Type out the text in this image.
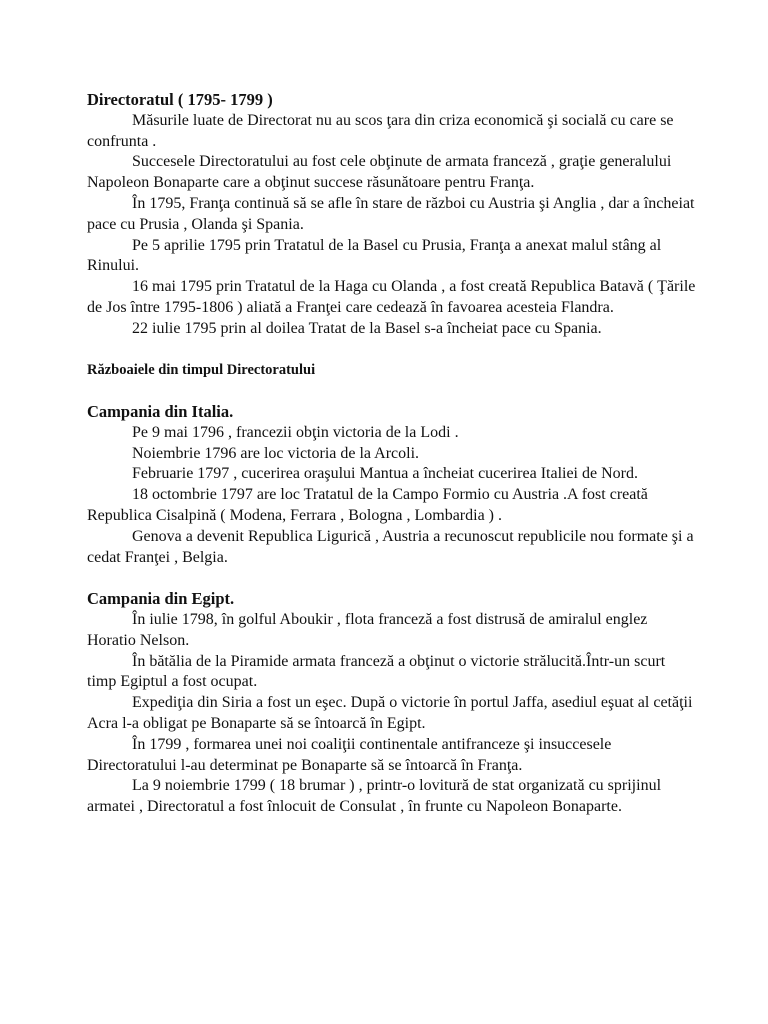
Directoratul ( 1795- 1799 )

Măsurile luate de Directorat nu au scos ţara din criza economică şi socială cu care se confrunta .

Succesele Directoratului au fost cele obţinute de armata franceză , graţie generalului Napoleon Bonaparte care a obţinut succese răsunătoare pentru Franţa.

În 1795, Franţa continuă să se afle în stare de război cu Austria şi Anglia , dar a încheiat pace cu Prusia , Olanda şi Spania.

Pe 5 aprilie 1795 prin Tratatul de la Basel cu Prusia, Franţa a anexat malul stâng al Rinului.

16 mai 1795 prin Tratatul de la Haga cu Olanda , a fost creată Republica Batavă ( Ţările de Jos între 1795-1806 ) aliată a Franţei care cedează în favoarea acesteia Flandra.

22 iulie 1795 prin al doilea Tratat de la Basel s-a încheiat pace cu Spania.

Războaiele din timpul Directoratului

Campania din Italia.

Pe 9 mai 1796 , francezii obţin victoria de la Lodi .

Noiembrie 1796 are loc victoria de la Arcoli.

Februarie 1797 , cucerirea oraşului Mantua a încheiat cucerirea Italiei de Nord.

18 octombrie 1797 are loc Tratatul de la Campo Formio cu Austria .A fost creată Republica Cisalpină ( Modena, Ferrara , Bologna , Lombardia ) .

Genova a devenit Republica Ligurică , Austria a recunoscut republicile nou formate şi a cedat Franţei , Belgia.

Campania din Egipt.

În iulie 1798, în golful Aboukir , flota franceză a fost distrusă de amiralul englez Horatio Nelson.

În bătălia de la Piramide armata franceză a obţinut o victorie strălucită.Într-un scurt timp Egiptul a fost ocupat.

Expediţia din Siria a fost un eşec. După o victorie în portul Jaffa, asediul eşuat al cetăţii Acra l-a obligat pe Bonaparte să se întoarcă în Egipt.

În 1799 , formarea unei noi coaliţii continentale antifranceze şi insuccesele Directoratului l-au determinat pe Bonaparte să se întoarcă în Franţa.

La 9 noiembrie 1799 ( 18 brumar ) , printr-o lovitură de stat organizată cu sprijinul armatei , Directoratul a fost înlocuit de Consulat , în frunte cu Napoleon Bonaparte.
